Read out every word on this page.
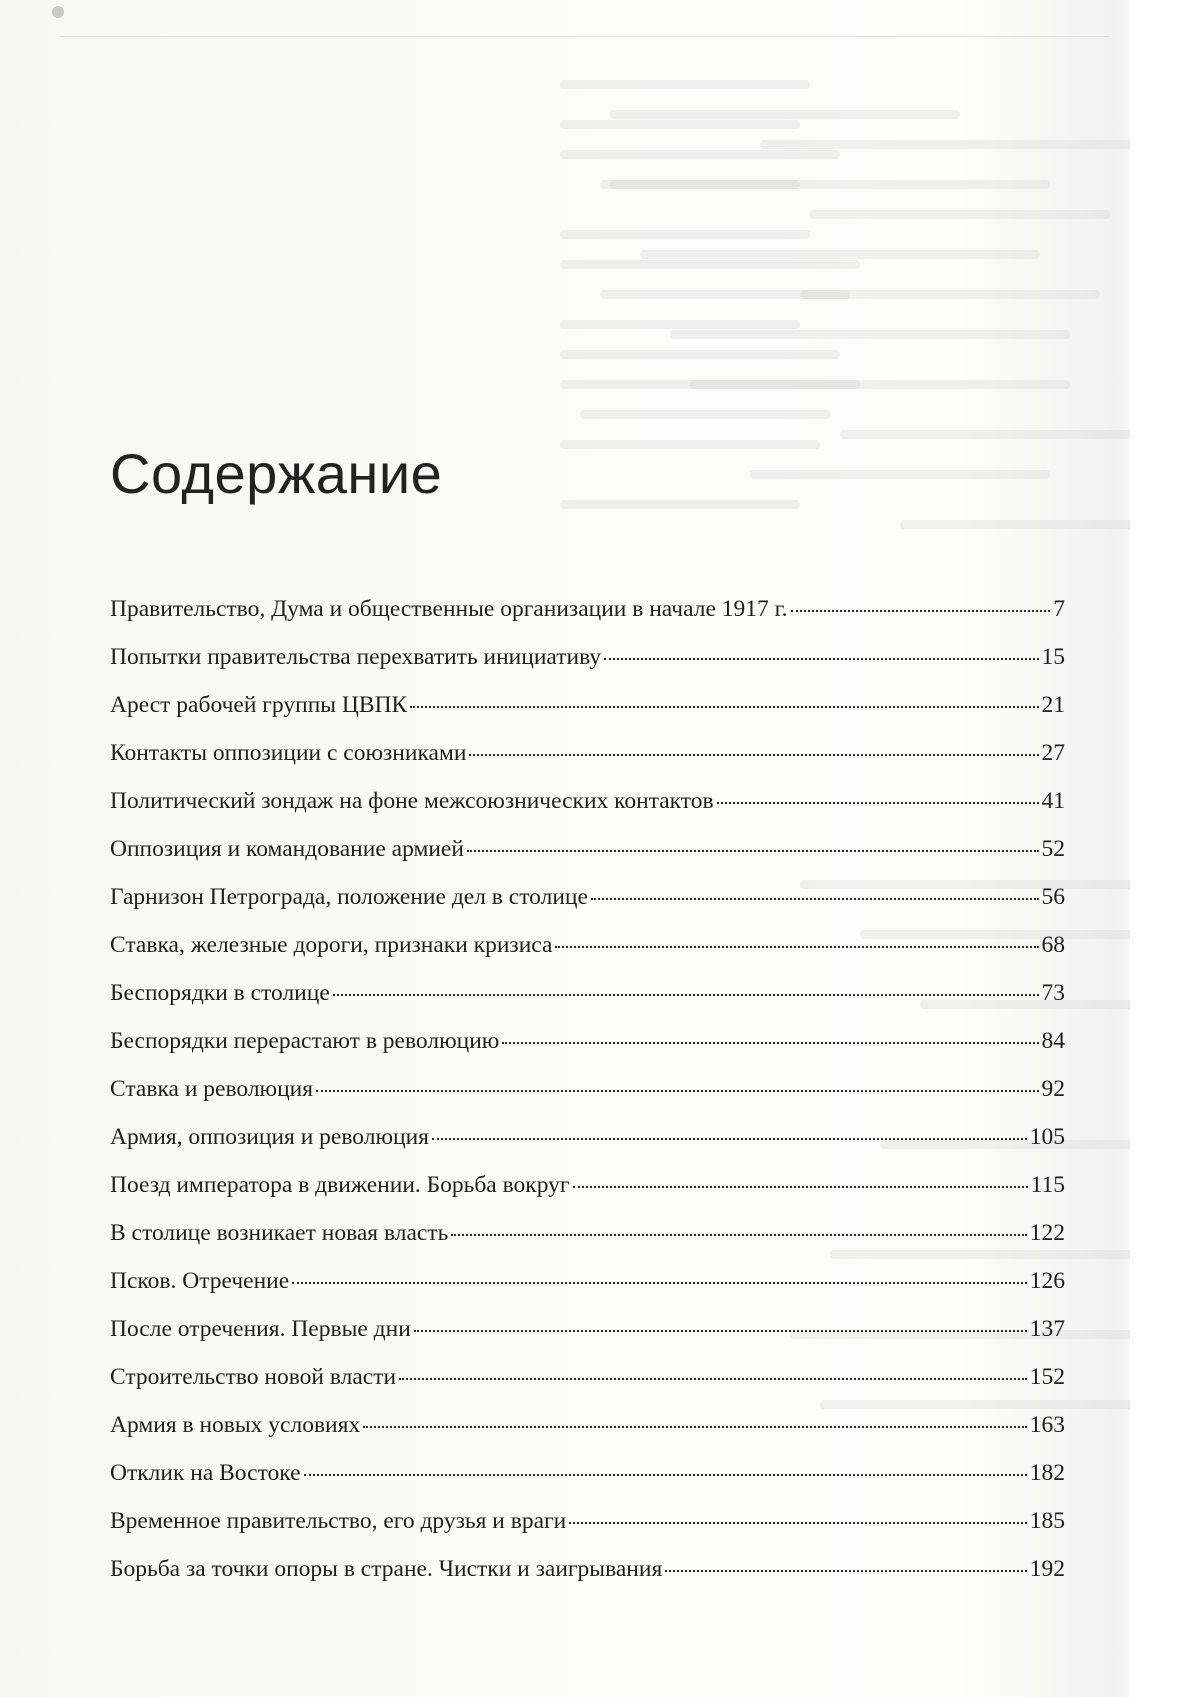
Содержание
Правительство, Дума и общественные организации в начале 1917 г.	7
Попытки правительства перехватить инициативу	15
Арест рабочей группы ЦВПК	21
Контакты оппозиции с союзниками	27
Политический зондаж на фоне межсоюзнических контактов	41
Оппозиция и командование армией	52
Гарнизон Петрограда, положение дел в столице	56
Ставка, железные дороги, признаки кризиса	68
Беспорядки в столице	73
Беспорядки перерастают в революцию	84
Ставка и революция	92
Армия, оппозиция и революция	105
Поезд императора в движении. Борьба вокруг	115
В столице возникает новая власть	122
Псков. Отречение	126
После отречения. Первые дни	137
Строительство новой власти	152
Армия в новых условиях	163
Отклик на Востоке	182
Временное правительство, его друзья и враги	185
Борьба за точки опоры в стране. Чистки и заигрывания	192
